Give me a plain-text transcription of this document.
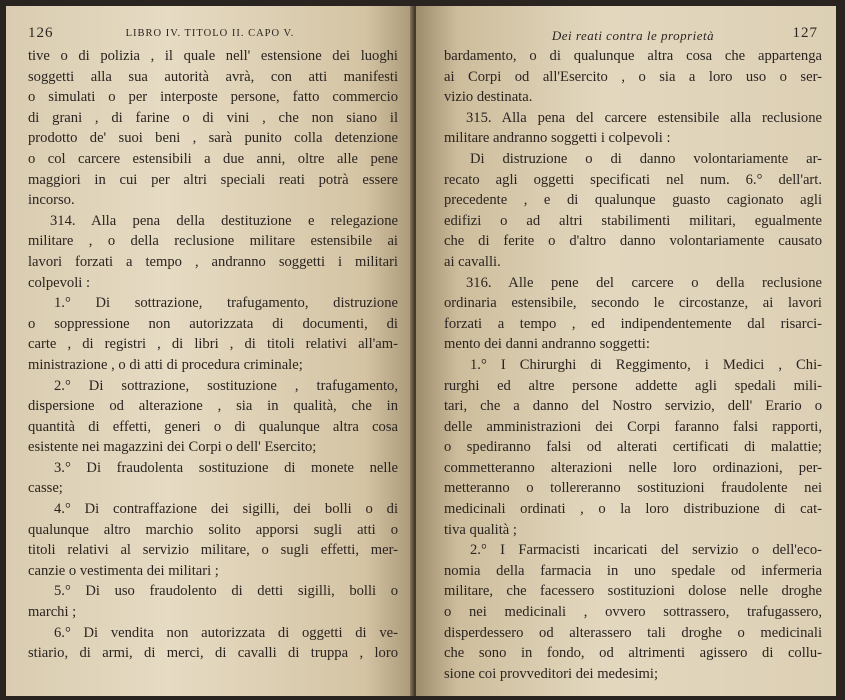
126	LIBRO IV. TITOLO II. CAPO V.
tive o di polizia , il quale nell' estensione dei luoghi
soggetti alla sua autorità avrà, con atti manifesti
o simulati o per interposte persone, fatto commercio
di grani , di farine o di vini , che non siano il
prodotto de' suoi beni , sarà punito colla detenzione
o col carcere estensibili a due anni, oltre alle pene
maggiori in cui per altri speciali reati potrà essere
incorso.
314. Alla pena della destituzione e relegazione
militare , o della reclusione militare estensibile ai
lavori forzati a tempo , andranno soggetti i militari
colpevoli :
1.° Di sottrazione, trafugamento, distruzione
o soppressione non autorizzata di documenti, di
carte , di registri , di libri , di titoli relativi all'am-
ministrazione , o di atti di procedura criminale;
2.° Di sottrazione, sostituzione , trafugamento,
dispersione od alterazione , sia in qualità, che in
quantità di effetti, generi o di qualunque altra cosa
esistente nei magazzini dei Corpi o dell' Esercito;
3.° Di fraudolenta sostituzione di monete nelle
casse;
4.° Di contraffazione dei sigilli, dei bolli o di
qualunque altro marchio solito apporsi sugli atti o
titoli relativi al servizio militare, o sugli effetti, mer-
canzie o vestimenta dei militari ;
5.° Di uso fraudolento di detti sigilli, bolli o
marchi ;
6.° Di vendita non autorizzata di oggetti di ve-
stiario, di armi, di merci, di cavalli di truppa , loro
Dei reati contra le proprietà	127
bardamento, o di qualunque altra cosa che appartenga
ai Corpi od all'Esercito , o sia a loro uso o ser-
vizio destinata.
315. Alla pena del carcere estensibile alla reclusione
militare andranno soggetti i colpevoli :
Di distruzione o di danno volontariamente ar-
recato agli oggetti specificati nel num. 6.° dell'art.
precedente , e di qualunque guasto cagionato agli
edifizi o ad altri stabilimenti militari, egualmente
che di ferite o d'altro danno volontariamente causato
ai cavalli.
316. Alle pene del carcere o della reclusione
ordinaria estensibile, secondo le circostanze, ai lavori
forzati a tempo , ed indipendentemente dal risarci-
mento dei danni andranno soggetti:
1.° I Chirurghi di Reggimento, i Medici , Chi-
rurghi ed altre persone addette agli spedali mili-
tari, che a danno del Nostro servizio, dell' Erario o
delle amministrazioni dei Corpi faranno falsi rapporti,
o spediranno falsi od alterati certificati di malattie;
commetteranno alterazioni nelle loro ordinazioni, per-
metteranno o tollereranno sostituzioni fraudolente nei
medicinali ordinati , o la loro distribuzione di cat-
tiva qualità ;
2.° I Farmacisti incaricati del servizio o dell'eco-
nomia della farmacia in uno spedale od infermeria
militare, che facessero sostituzioni dolose nelle droghe
o nei medicinali , ovvero sottrassero, trafugassero,
disperdessero od alterassero tali droghe o medicinali
che sono in fondo, od altrimenti agissero di collu-
sione coi provveditori dei medesimi;
